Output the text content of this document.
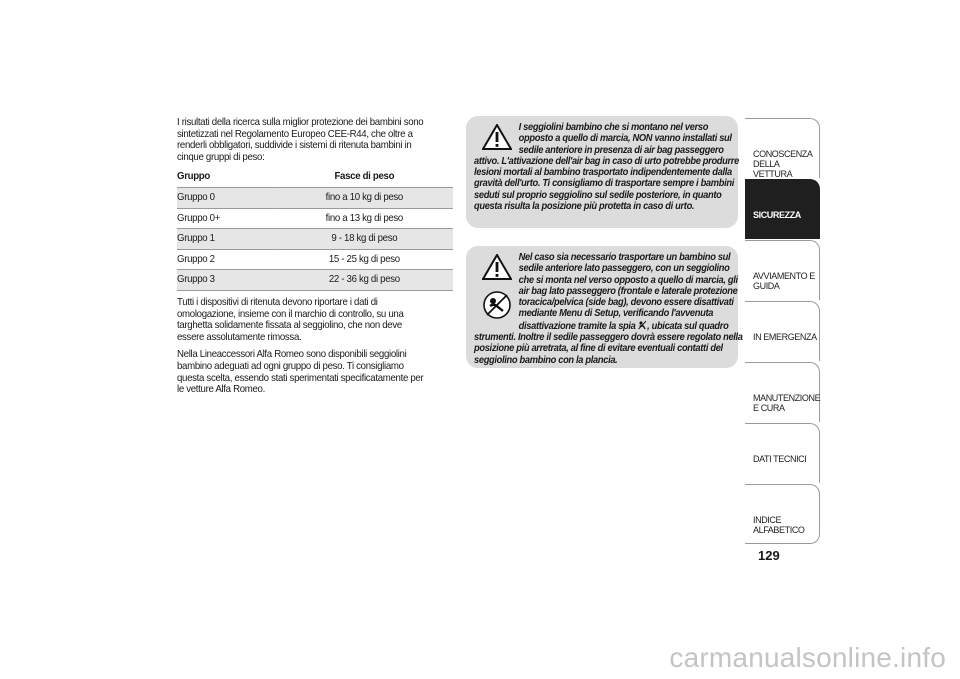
I risultati della ricerca sulla miglior protezione dei bambini sono sintetizzati nel Regolamento Europeo CEE-R44, che oltre a renderli obbligatori, suddivide i sistemi di ritenuta bambini in cinque gruppi di peso:

Gruppo	Fasce di peso
Gruppo 0	fino a 10 kg di peso
Gruppo 0+	fino a 13 kg di peso
Gruppo 1	9 - 18 kg di peso
Gruppo 2	15 - 25 kg di peso
Gruppo 3	22 - 36 kg di peso

Tutti i dispositivi di ritenuta devono riportare i dati di omologazione, insieme con il marchio di controllo, su una targhetta solidamente fissata al seggiolino, che non deve essere assolutamente rimossa.

Nella Lineaccessori Alfa Romeo sono disponibili seggiolini bambino adeguati ad ogni gruppo di peso. Ti consigliamo questa scelta, essendo stati sperimentati specificatamente per le vetture Alfa Romeo.

I seggiolini bambino che si montano nel verso opposto a quello di marcia, NON vanno installati sul sedile anteriore in presenza di air bag passeggero attivo. L'attivazione dell'air bag in caso di urto potrebbe produrre lesioni mortali al bambino trasportato indipendentemente dalla gravità dell'urto. Ti consigliamo di trasportare sempre i bambini seduti sul proprio seggiolino sul sedile posteriore, in quanto questa risulta la posizione più protetta in caso di urto.
Nel caso sia necessario trasportare un bambino sul sedile anteriore lato passeggero, con un seggiolino che si monta nel verso opposto a quello di marcia, gli air bag lato passeggero (frontale e laterale protezione toracica/pelvica (side bag), devono essere disattivati mediante Menu di Setup, verificando l'avvenuta disattivazione tramite la spia , ubicata sul quadro strumenti. Inoltre il sedile passeggero dovrà essere regolato nella posizione più arretrata, al fine di evitare eventuali contatti del seggiolino bambino con la plancia.
CONOSCENZA DELLA VETTURA
SICUREZZA
AVVIAMENTO E GUIDA
IN EMERGENZA
MANUTENZIONE E CURA
DATI TECNICI
INDICE ALFABETICO
129
carmanualsonline.info
